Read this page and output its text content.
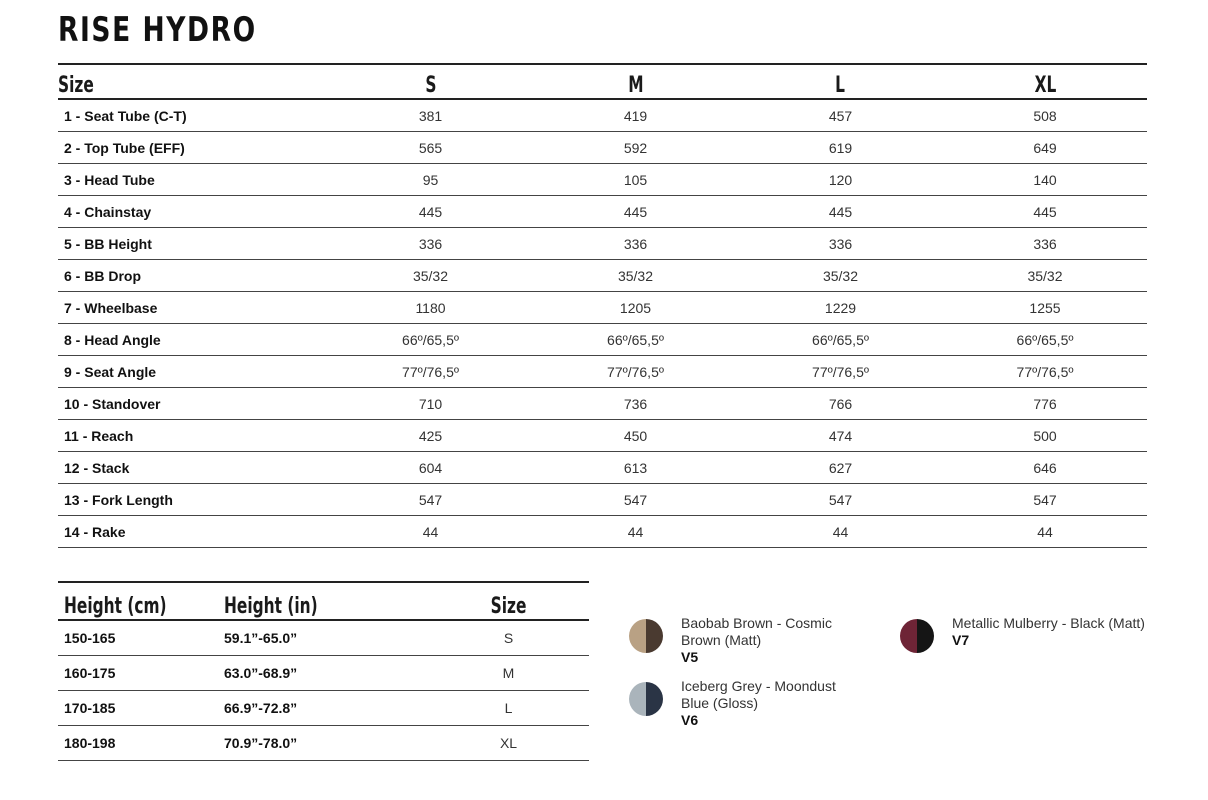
RISE HYDRO
Size	S	M	L	XL
1 - Seat Tube (C-T)	381	419	457	508
2 - Top Tube (EFF)	565	592	619	649
3 - Head Tube	95	105	120	140
4 - Chainstay	445	445	445	445
5 - BB Height	336	336	336	336
6 - BB Drop	35/32	35/32	35/32	35/32
7 - Wheelbase	1180	1205	1229	1255
8 - Head Angle	66º/65,5º	66º/65,5º	66º/65,5º	66º/65,5º
9 - Seat Angle	77º/76,5º	77º/76,5º	77º/76,5º	77º/76,5º
10 - Standover	710	736	766	776
11 - Reach	425	450	474	500
12 - Stack	604	613	627	646
13 - Fork Length	547	547	547	547
14 - Rake	44	44	44	44
Height (cm)	Height (in)	Size
150-165	59.1”-65.0”	S
160-175	63.0”-68.9”	M
170-185	66.9”-72.8”	L
180-198	70.9”-78.0”	XL
Baobab Brown - Cosmic Brown (Matt)
V5
Iceberg Grey - Moondust Blue (Gloss)
V6
Metallic Mulberry - Black (Matt)
V7
